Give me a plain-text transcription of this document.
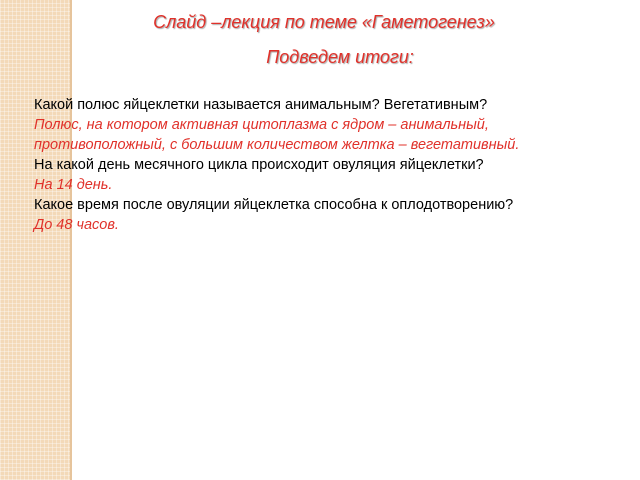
Слайд –лекция по теме «Гаметогенез»
Подведем итоги:
Какой полюс яйцеклетки называется анимальным? Вегетативным?
Полюс, на котором активная цитоплазма с ядром – анимальный,
противоположный, с большим количеством желтка – вегетативный.
На какой день месячного цикла происходит овуляция яйцеклетки?
На 14 день.
Какое время после овуляции яйцеклетка способна к оплодотворению?
До 48 часов.
